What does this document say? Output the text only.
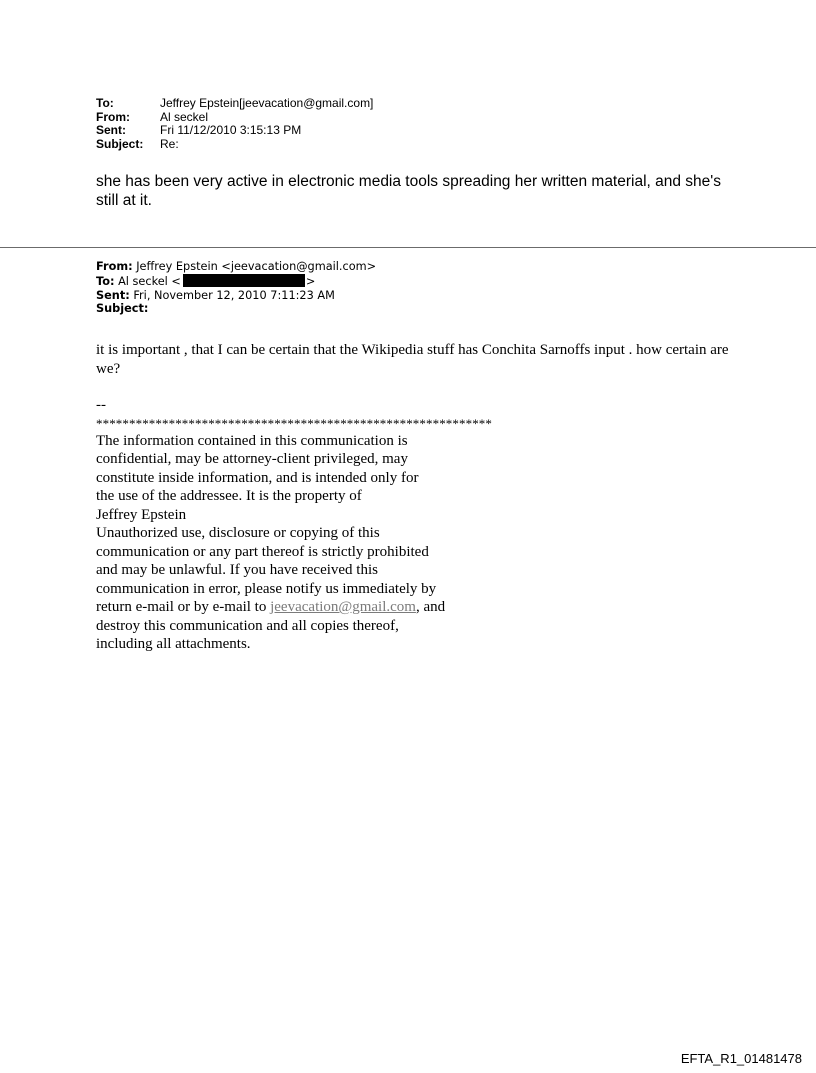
To:	Jeffrey Epstein[jeevacation@gmail.com]
From:	Al seckel
Sent:	Fri 11/12/2010 3:15:13 PM
Subject:	Re:
she has been very active in electronic media tools spreading her written material, and she's still at it.
From: Jeffrey Epstein <jeevacation@gmail.com>
To: Al seckel <	>
Sent: Fri, November 12, 2010 7:11:23 AM
Subject:
it is important , that I can be certain that the Wikipedia stuff has Conchita Sarnoffs input . how certain are we?
--
************************************************************
The information contained in this communication is
confidential, may be attorney-client privileged, may
constitute inside information, and is intended only for
the use of the addressee. It is the property of
Jeffrey Epstein
Unauthorized use, disclosure or copying of this
communication or any part thereof is strictly prohibited
and may be unlawful. If you have received this
communication in error, please notify us immediately by
return e-mail or by e-mail to jeevacation@gmail.com, and
destroy this communication and all copies thereof,
including all attachments.
EFTA_R1_01481478
